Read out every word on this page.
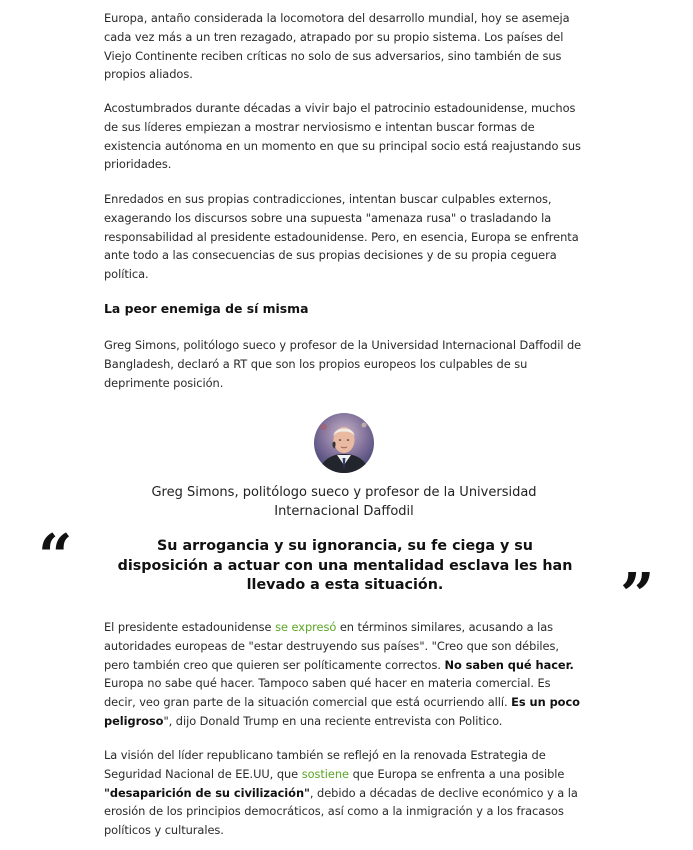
Europa, antaño considerada la locomotora del desarrollo mundial, hoy se asemeja cada vez más a un tren rezagado, atrapado por su propio sistema. Los países del Viejo Continente reciben críticas no solo de sus adversarios, sino también de sus propios aliados.

Acostumbrados durante décadas a vivir bajo el patrocinio estadounidense, muchos de sus líderes empiezan a mostrar nerviosismo e intentan buscar formas de existencia autónoma en un momento en que su principal socio está reajustando sus prioridades.

Enredados en sus propias contradicciones, intentan buscar culpables externos, exagerando los discursos sobre una supuesta "amenaza rusa" o trasladando la responsabilidad al presidente estadounidense. Pero, en esencia, Europa se enfrenta ante todo a las consecuencias de sus propias decisiones y de su propia ceguera política.

La peor enemiga de sí misma

Greg Simons, politólogo sueco y profesor de la Universidad Internacional Daffodil de Bangladesh, declaró a RT que son los propios europeos los culpables de su deprimente posición.

Greg Simons, politólogo sueco y profesor de la Universidad Internacional Daffodil

“	Su arrogancia y su ignorancia, su fe ciega y su disposición a actuar con una mentalidad esclava les han llevado a esta situación.	”

El presidente estadounidense se expresó en términos similares, acusando a las autoridades europeas de "estar destruyendo sus países". "Creo que son débiles, pero también creo que quieren ser políticamente correctos. No saben qué hacer. Europa no sabe qué hacer. Tampoco saben qué hacer en materia comercial. Es decir, veo gran parte de la situación comercial que está ocurriendo allí. Es un poco peligroso", dijo Donald Trump en una reciente entrevista con Politico.

La visión del líder republicano también se reflejó en la renovada Estrategia de Seguridad Nacional de EE.UU, que sostiene que Europa se enfrenta a una posible "desaparición de su civilización", debido a décadas de declive económico y a la erosión de los principios democráticos, así como a la inmigración y a los fracasos políticos y culturales.
